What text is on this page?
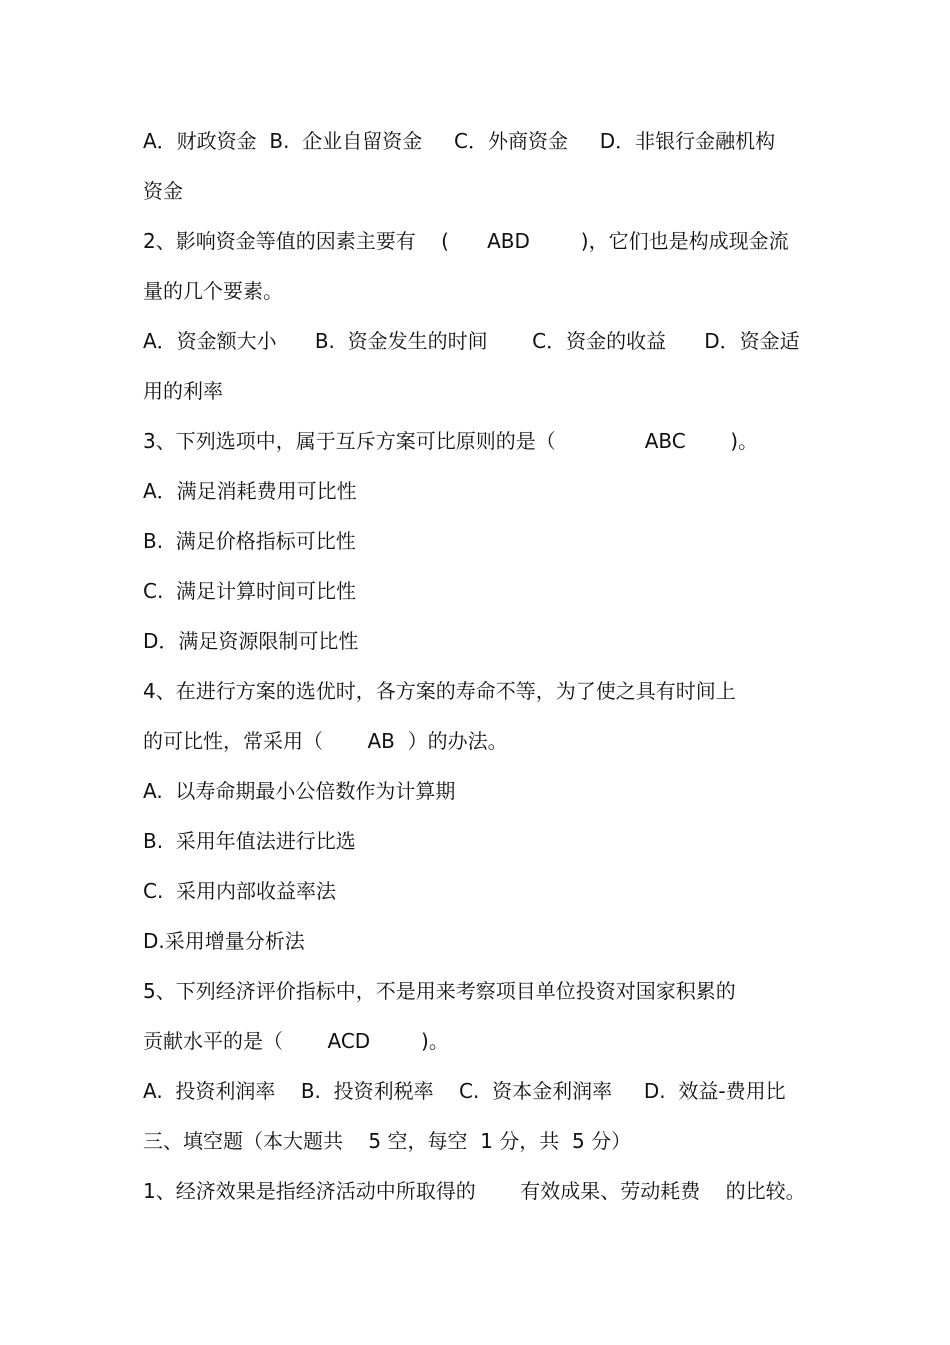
A．财政资金  B.  企业自留资金     C．外商资金     D．非银行金融机构
资金
2、影响资金等值的因素主要有    (      ABD        )，它们也是构成现金流
量的几个要素。
A．资金额大小      B.  资金发生的时间       C．资金的收益      D．资金适
用的利率
3、下列选项中，属于互斥方案可比原则的是（              ABC       )。
A．满足消耗费用可比性
B.  满足价格指标可比性
C.  满足计算时间可比性
D．满足资源限制可比性
4、在进行方案的选优时，各方案的寿命不等，为了使之具有时间上
的可比性，常采用（       AB  ）的办法。
A.  以寿命期最小公倍数作为计算期
B.  采用年值法进行比选
C.  采用内部收益率法
D.采用增量分析法
5、下列经济评价指标中，不是用来考察项目单位投资对国家积累的
贡献水平的是（       ACD        )。
A.  投资利润率    B.  投资利税率    C.  资本金利润率     D.  效益-费用比
三、填空题（本大题共    5 空，每空  1 分，共  5 分）
1、经济效果是指经济活动中所取得的       有效成果、劳动耗费    的比较。
